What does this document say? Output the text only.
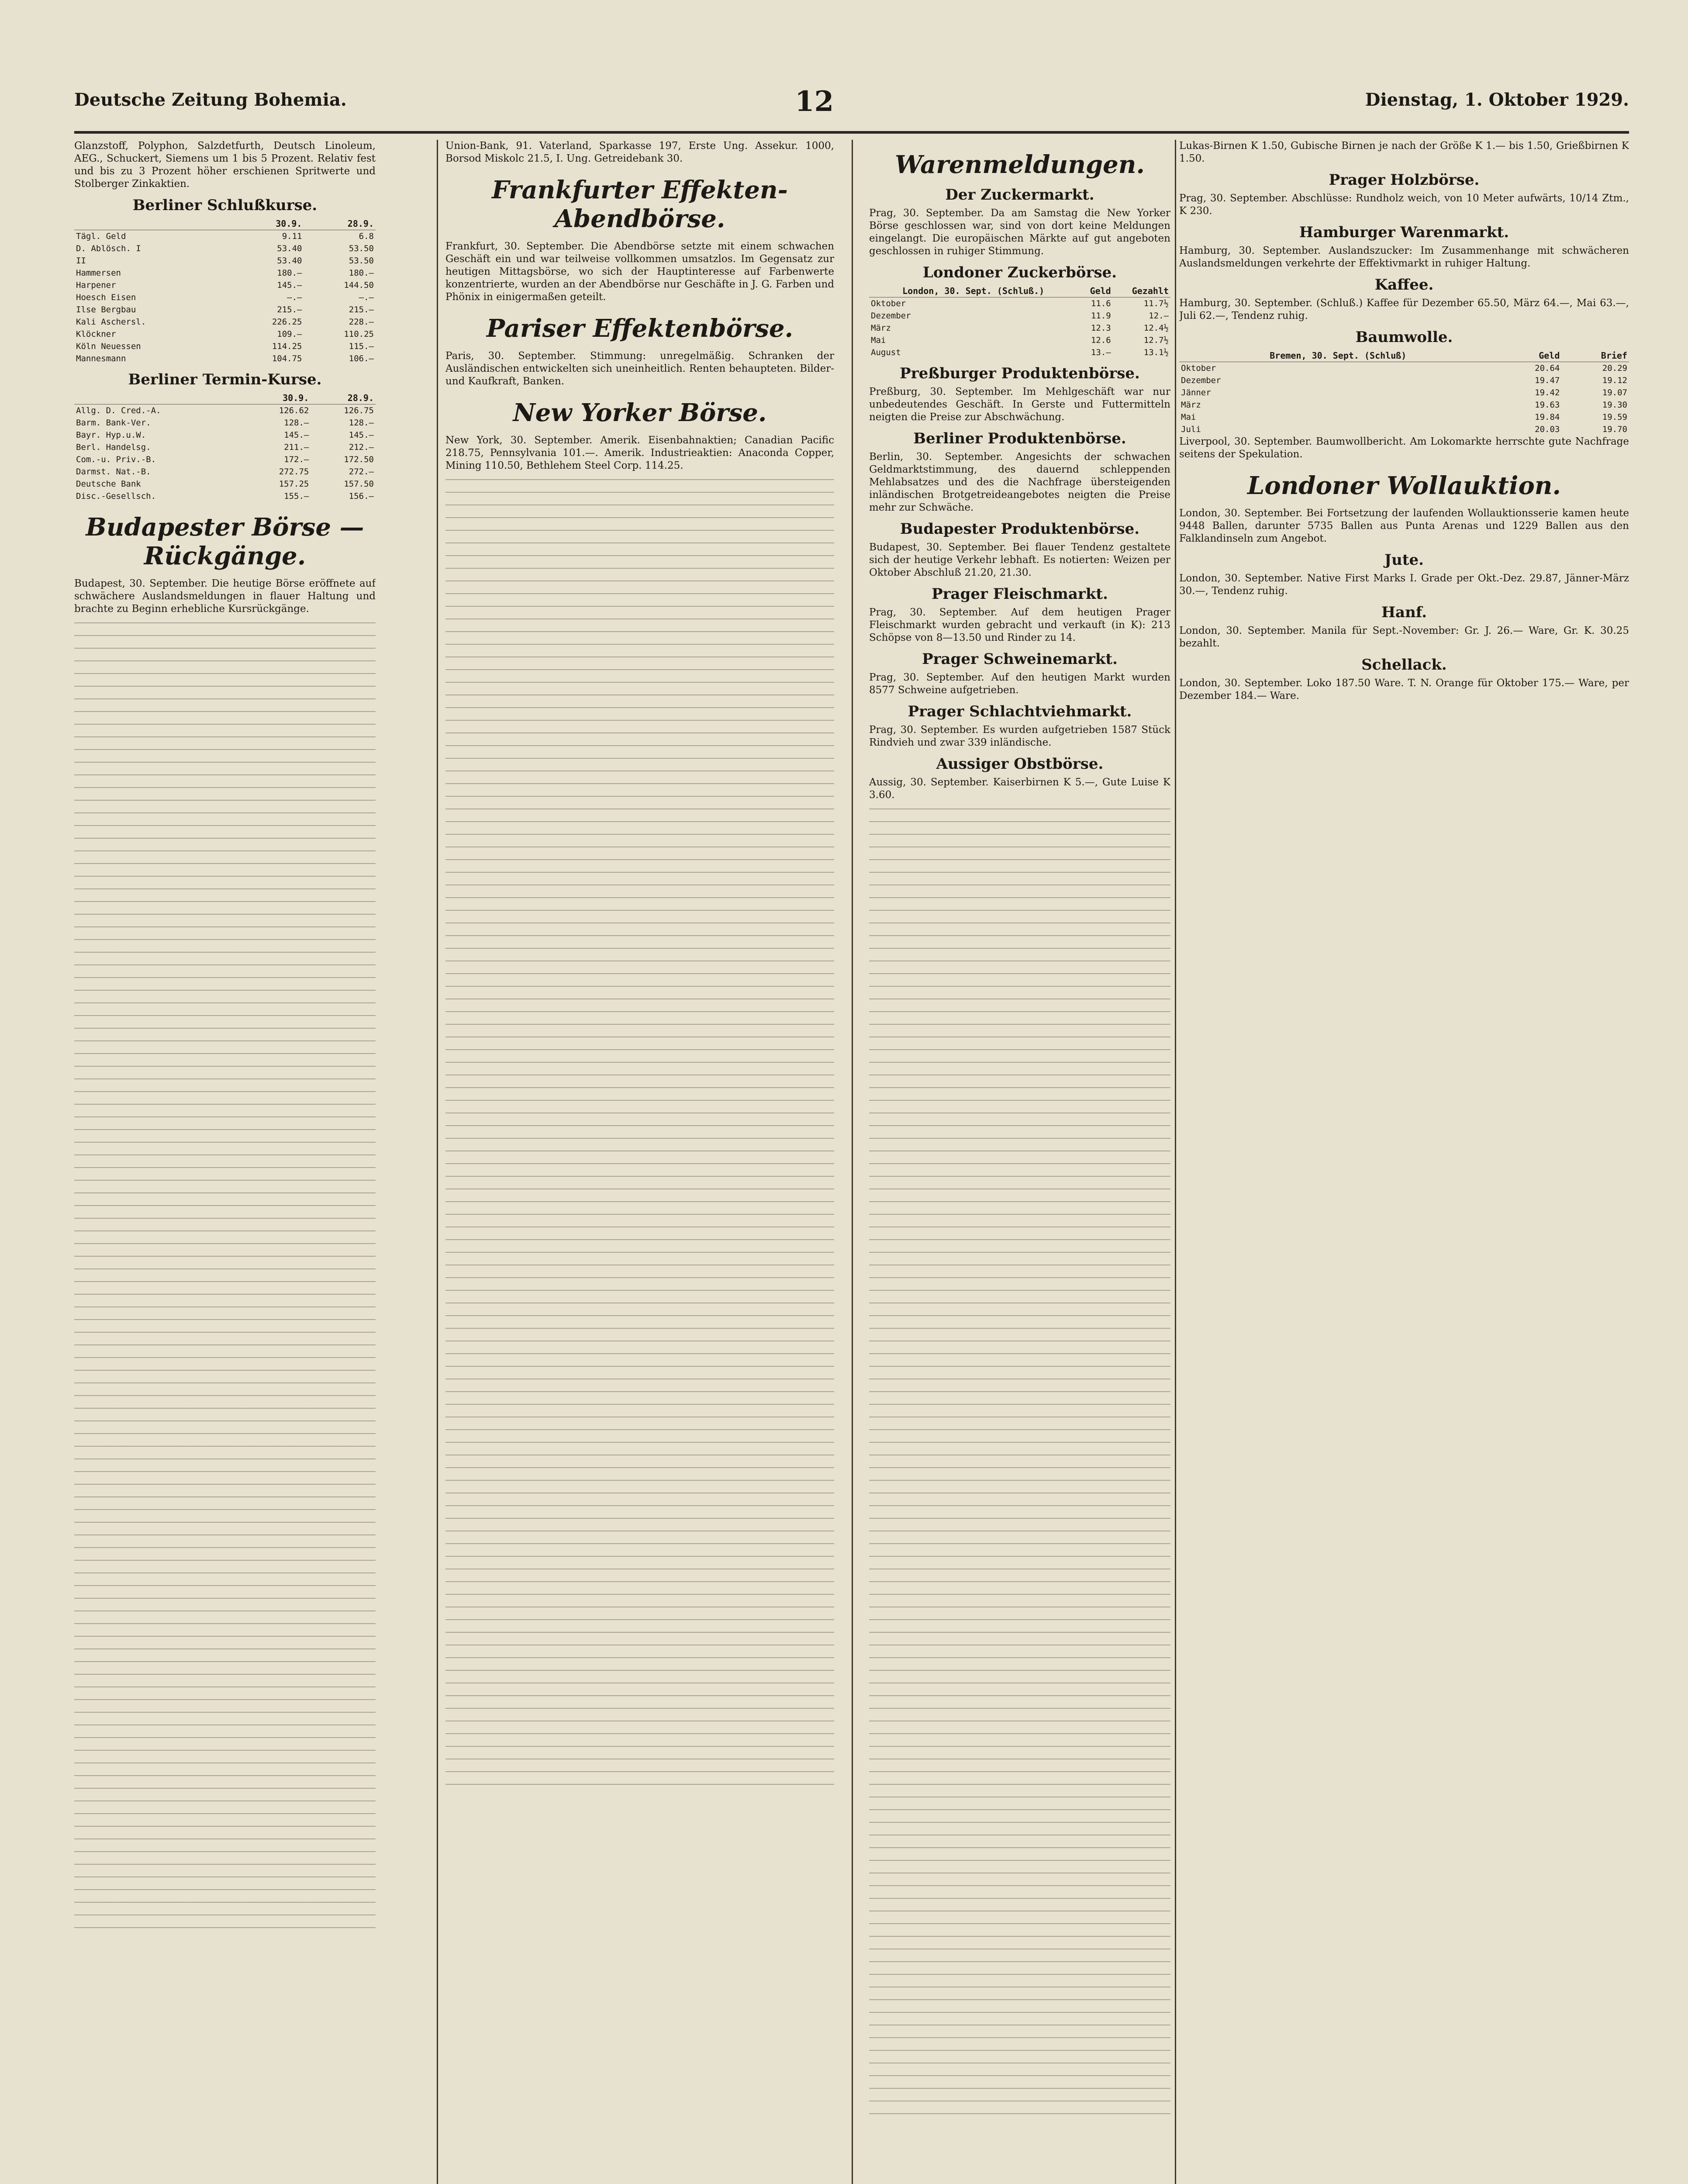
Deutsche Zeitung Bohemia.	12	Dienstag, 1. Oktober 1929.

Glanzstoff, Polyphon, Salzdetfurth, Deutsch Linoleum, AEG., Schuckert, Siemens um 1 bis 5 Prozent. Relativ fest und bis zu 3 Prozent höher erschienen Spritwerte und Stolberger Zinkaktien.

Berliner Schlußkurse.
	30.9.	28.9.
Tägl. Geld	9.11	6.8
D. Ablösch. I	53.40	53.50
II	53.40	53.50
Hammersen	180.—	180.—
Harpener	145.—	144.50
Hoesch Eisen	—.—	—.—
Ilse Bergbau	215.—	215.—
Kali Aschersl.	226.25	228.—
Klöckner	109.—	110.25
Köln Neuessen	114.25	115.—
Mannesmann	104.75	106.—
Berliner Termin-Kurse.
	30.9.	28.9.
Allg. D. Cred.-A.	126.62	126.75
Barm. Bank-Ver.	128.—	128.—
Bayr. Hyp.u.W.	145.—	145.—
Berl. Handelsg.	211.—	212.—
Com.-u. Priv.-B.	172.—	172.50
Darmst. Nat.-B.	272.75	272.—
Deutsche Bank	157.25	157.50
Disc.-Gesellsch.	155.—	156.—
Budapester Börse — Rückgänge.

Budapest, 30. September. Die heutige Börse eröffnete auf schwächere Auslandsmeldungen in flauer Haltung und brachte zu Beginn erhebliche Kursrückgänge.

Union-Bank, 91. Vaterland, Sparkasse 197, Erste Ung. Assekur. 1000, Borsod Miskolc 21.5, I. Ung. Getreidebank 30.

Frankfurter Effekten-Abendbörse.

Frankfurt, 30. September. Die Abendbörse setzte mit einem schwachen Geschäft ein und war teilweise vollkommen umsatzlos. Im Gegensatz zur heutigen Mittagsbörse, wo sich der Hauptinteresse auf Farbenwerte konzentrierte, wurden an der Abendbörse nur Geschäfte in J. G. Farben und Phönix in einigermaßen geteilt.

Pariser Effektenbörse.

Paris, 30. September. Stimmung: unregelmäßig. Schranken der Ausländischen entwickelten sich uneinheitlich. Renten behaupteten. Bilder- und Kaufkraft, Banken.

New Yorker Börse.

New York, 30. September. Amerik. Eisenbahnaktien; Canadian Pacific 218.75, Pennsylvania 101.—. Amerik. Industrieaktien: Anaconda Copper, Mining 110.50, Bethlehem Steel Corp. 114.25.

Warenmeldungen.
Der Zuckermarkt.

Prag, 30. September. Da am Samstag die New Yorker Börse geschlossen war, sind von dort keine Meldungen eingelangt. Die europäischen Märkte auf gut angeboten geschlossen in ruhiger Stimmung.

Londoner Zuckerbörse.
London, 30. Sept. (Schluß.)	Geld	Gezahlt
Oktober	11.6	11.7½
Dezember	11.9	12.—
März	12.3	12.4½
Mai	12.6	12.7½
August	13.—	13.1½
Preßburger Produktenbörse.

Preßburg, 30. September. Im Mehlgeschäft war nur unbedeutendes Geschäft. In Gerste und Futtermitteln neigten die Preise zur Abschwächung.

Berliner Produktenbörse.

Berlin, 30. September. Angesichts der schwachen Geldmarktstimmung, des dauernd schleppenden Mehlabsatzes und des die Nachfrage übersteigenden inländischen Brotgetreideangebotes neigten die Preise mehr zur Schwäche.

Budapester Produktenbörse.

Budapest, 30. September. Bei flauer Tendenz gestaltete sich der heutige Verkehr lebhaft. Es notierten: Weizen per Oktober Abschluß 21.20, 21.30.

Prager Fleischmarkt.

Prag, 30. September. Auf dem heutigen Prager Fleischmarkt wurden gebracht und verkauft (in K): 213 Schöpse von 8—13.50 und Rinder zu 14.

Prager Schweinemarkt.

Prag, 30. September. Auf den heutigen Markt wurden 8577 Schweine aufgetrieben.

Prager Schlachtviehmarkt.

Prag, 30. September. Es wurden aufgetrieben 1587 Stück Rindvieh und zwar 339 inländische.

Aussiger Obstbörse.

Aussig, 30. September. Kaiserbirnen K 5.—, Gute Luise K 3.60.

Lukas-Birnen K 1.50, Gubische Birnen je nach der Größe K 1.— bis 1.50, Grießbirnen K 1.50.

Prager Holzbörse.

Prag, 30. September. Abschlüsse: Rundholz weich, von 10 Meter aufwärts, 10/14 Ztm., K 230.

Hamburger Warenmarkt.

Hamburg, 30. September. Auslandszucker: Im Zusammenhange mit schwächeren Auslandsmeldungen verkehrte der Effektivmarkt in ruhiger Haltung.

Kaffee.

Hamburg, 30. September. (Schluß.) Kaffee für Dezember 65.50, März 64.—, Mai 63.—, Juli 62.—, Tendenz ruhig.

Baumwolle.
Bremen, 30. Sept. (Schluß)	Geld	Brief
Oktober	20.64	20.29
Dezember	19.47	19.12
Jänner	19.42	19.07
März	19.63	19.30
Mai	19.84	19.59
Juli	20.03	19.70

Liverpool, 30. September. Baumwollbericht. Am Lokomarkte herrschte gute Nachfrage seitens der Spekulation.

Londoner Wollauktion.

London, 30. September. Bei Fortsetzung der laufenden Wollauktionsserie kamen heute 9448 Ballen, darunter 5735 Ballen aus Punta Arenas und 1229 Ballen aus den Falklandinseln zum Angebot.

Jute.

London, 30. September. Native First Marks I. Grade per Okt.-Dez. 29.87, Jänner-März 30.—, Tendenz ruhig.

Hanf.

London, 30. September. Manila für Sept.-November: Gr. J. 26.— Ware, Gr. K. 30.25 bezahlt.

Schellack.

London, 30. September. Loko 187.50 Ware. T. N. Orange für Oktober 175.— Ware, per Dezember 184.— Ware.
